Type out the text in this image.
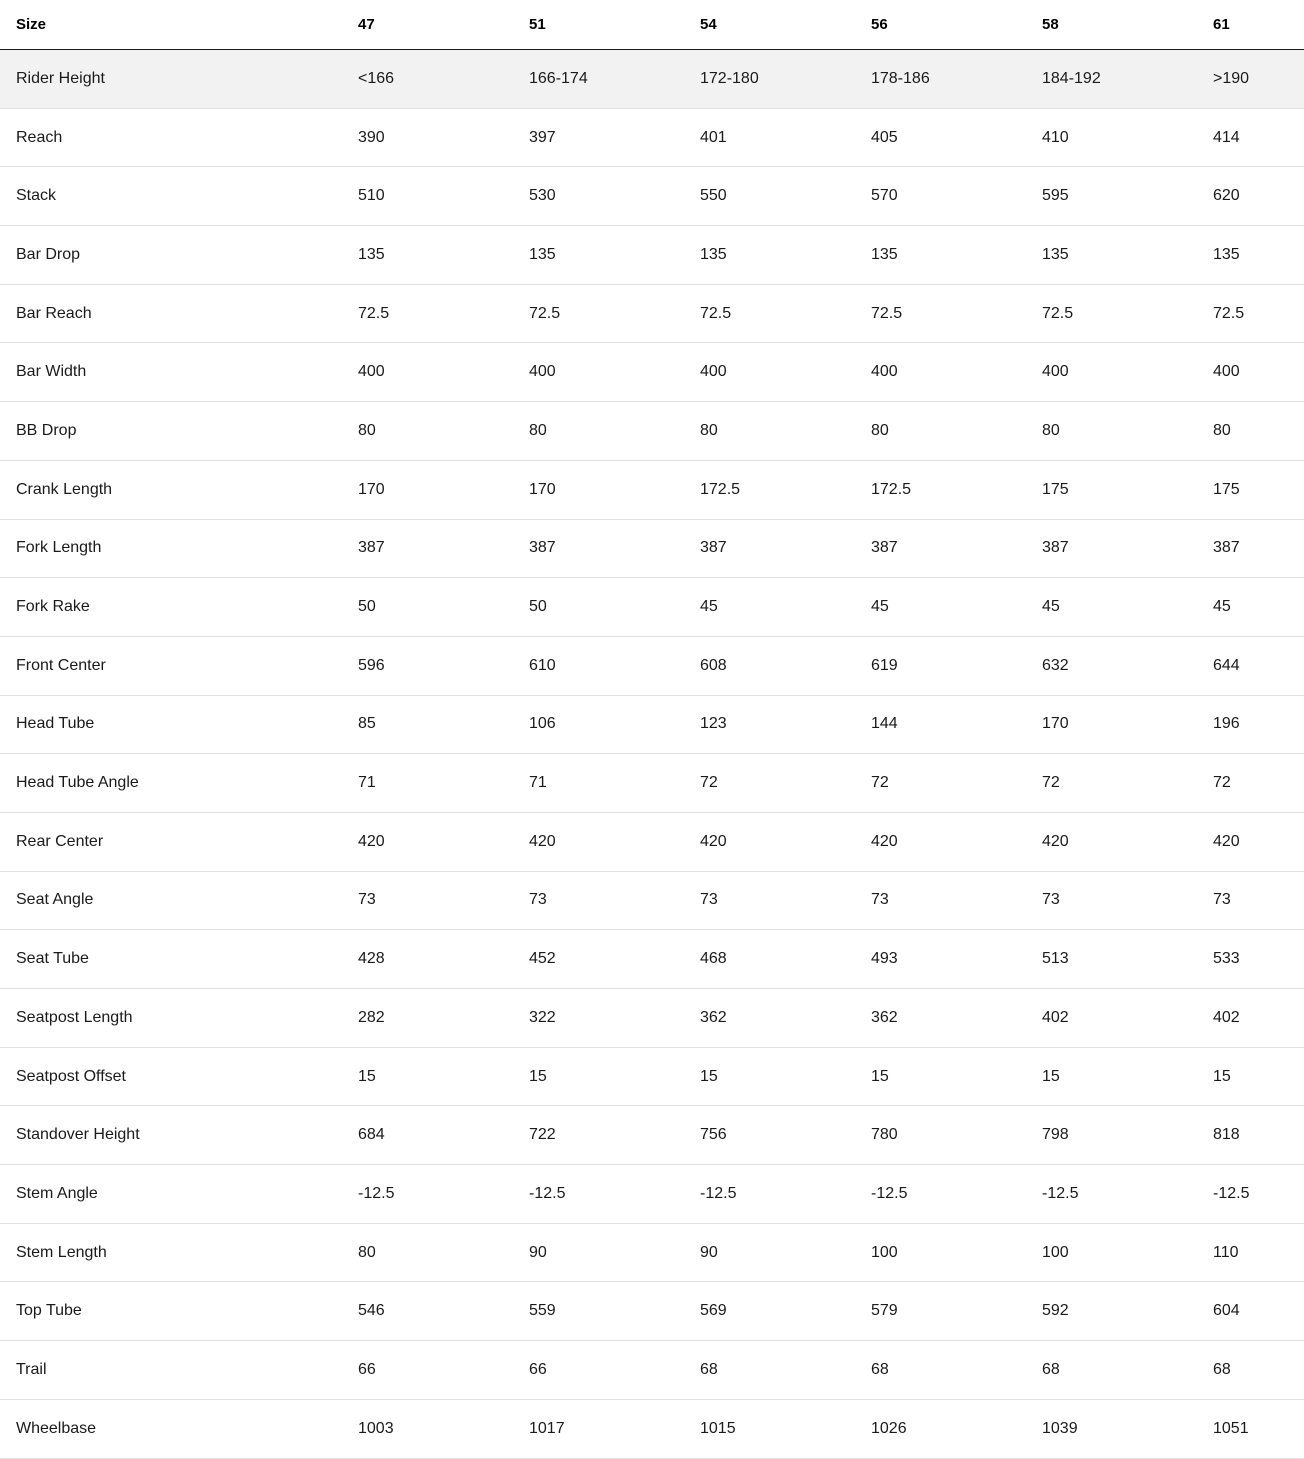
Size	47	51	54	56	58	61
Rider Height	<166	166-174	172-180	178-186	184-192	>190
Reach	390	397	401	405	410	414
Stack	510	530	550	570	595	620
Bar Drop	135	135	135	135	135	135
Bar Reach	72.5	72.5	72.5	72.5	72.5	72.5
Bar Width	400	400	400	400	400	400
BB Drop	80	80	80	80	80	80
Crank Length	170	170	172.5	172.5	175	175
Fork Length	387	387	387	387	387	387
Fork Rake	50	50	45	45	45	45
Front Center	596	610	608	619	632	644
Head Tube	85	106	123	144	170	196
Head Tube Angle	71	71	72	72	72	72
Rear Center	420	420	420	420	420	420
Seat Angle	73	73	73	73	73	73
Seat Tube	428	452	468	493	513	533
Seatpost Length	282	322	362	362	402	402
Seatpost Offset	15	15	15	15	15	15
Standover Height	684	722	756	780	798	818
Stem Angle	-12.5	-12.5	-12.5	-12.5	-12.5	-12.5
Stem Length	80	90	90	100	100	110
Top Tube	546	559	569	579	592	604
Trail	66	66	68	68	68	68
Wheelbase	1003	1017	1015	1026	1039	1051
